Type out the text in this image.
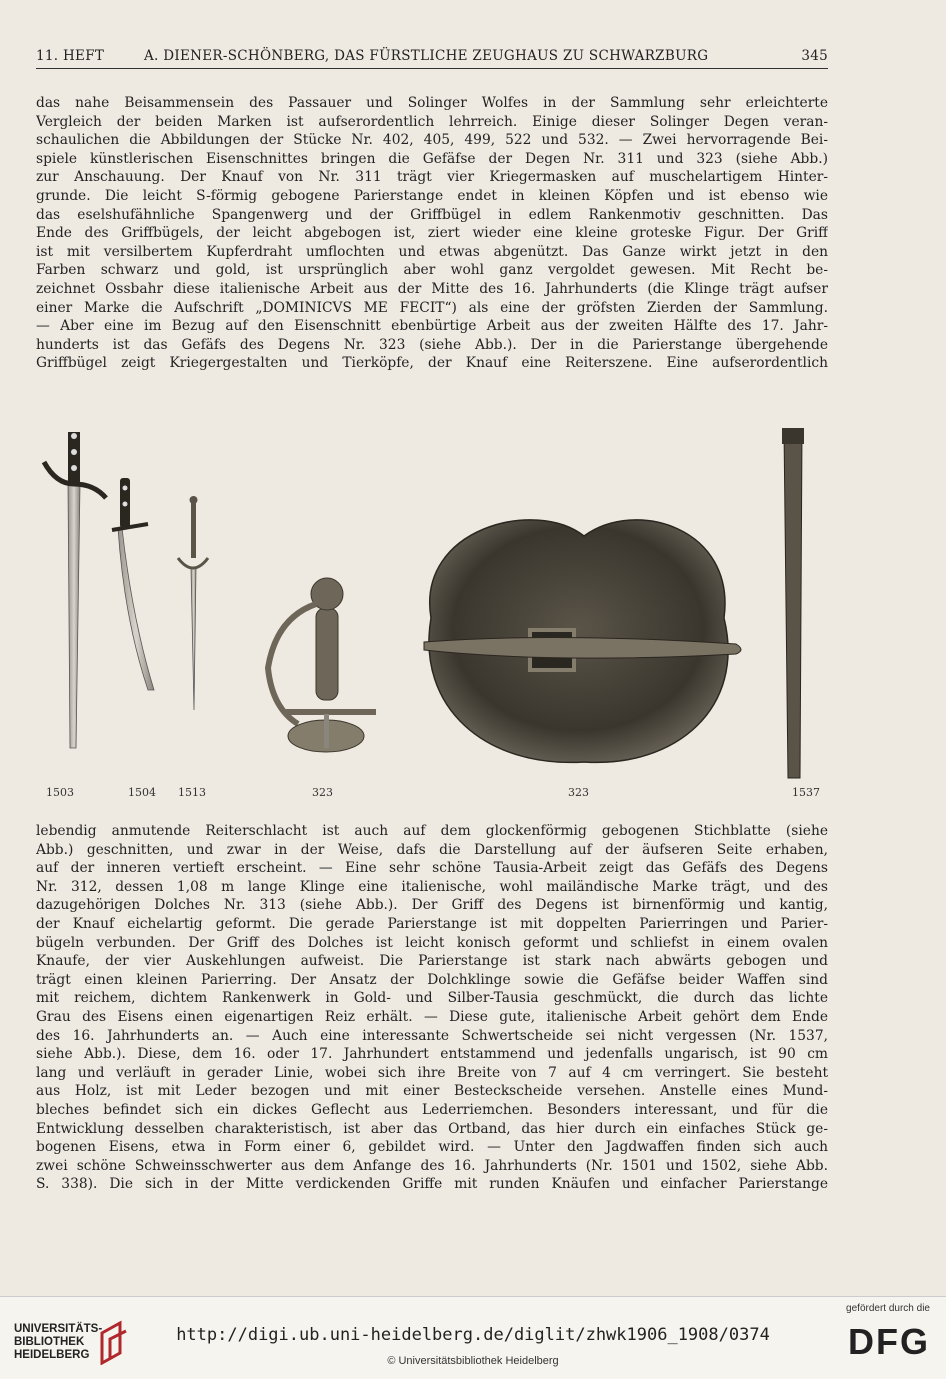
11. HEFT	A. DIENER-SCHÖNBERG, DAS FÜRSTLICHE ZEUGHAUS ZU SCHWARZBURG	345
das nahe Beisammensein des Passauer und Solinger Wolfes in der Sammlung sehr erleichterte
Vergleich der beiden Marken ist aufserordentlich lehrreich. Einige dieser Solinger Degen veran-
schaulichen die Abbildungen der Stücke Nr. 402, 405, 499, 522 und 532. — Zwei hervorragende Bei-
spiele künstlerischen Eisenschnittes bringen die Gefäfse der Degen Nr. 311 und 323 (siehe Abb.)
zur Anschauung. Der Knauf von Nr. 311 trägt vier Kriegermasken auf muschelartigem Hinter-
grunde. Die leicht S-förmig gebogene Parierstange endet in kleinen Köpfen und ist ebenso wie
das eselshufähnliche Spangenwerg und der Griffbügel in edlem Rankenmotiv geschnitten. Das
Ende des Griffbügels, der leicht abgebogen ist, ziert wieder eine kleine groteske Figur. Der Griff
ist mit versilbertem Kupferdraht umflochten und etwas abgenützt. Das Ganze wirkt jetzt in den
Farben schwarz und gold, ist ursprünglich aber wohl ganz vergoldet gewesen. Mit Recht be-
zeichnet Ossbahr diese italienische Arbeit aus der Mitte des 16. Jahrhunderts (die Klinge trägt aufser
einer Marke die Aufschrift „DOMINICVS ME FECIT“) als eine der gröfsten Zierden der Sammlung.
— Aber eine im Bezug auf den Eisenschnitt ebenbürtige Arbeit aus der zweiten Hälfte des 17. Jahr-
hunderts ist das Gefäfs des Degens Nr. 323 (siehe Abb.). Der in die Parierstange übergehende
Griffbügel zeigt Kriegergestalten und Tierköpfe, der Knauf eine Reiterszene. Eine aufserordentlich
1503	1504 1513	323	323	1537
lebendig anmutende Reiterschlacht ist auch auf dem glockenförmig gebogenen Stichblatte (siehe
Abb.) geschnitten, und zwar in der Weise, dafs die Darstellung auf der äufseren Seite erhaben,
auf der inneren vertieft erscheint. — Eine sehr schöne Tausia-Arbeit zeigt das Gefäfs des Degens
Nr. 312, dessen 1,08 m lange Klinge eine italienische, wohl mailändische Marke trägt, und des
dazugehörigen Dolches Nr. 313 (siehe Abb.). Der Griff des Degens ist birnenförmig und kantig,
der Knauf eichelartig geformt. Die gerade Parierstange ist mit doppelten Parierringen und Parier-
bügeln verbunden. Der Griff des Dolches ist leicht konisch geformt und schliefst in einem ovalen
Knaufe, der vier Auskehlungen aufweist. Die Parierstange ist stark nach abwärts gebogen und
trägt einen kleinen Parierring. Der Ansatz der Dolchklinge sowie die Gefäfse beider Waffen sind
mit reichem, dichtem Rankenwerk in Gold- und Silber-Tausia geschmückt, die durch das lichte
Grau des Eisens einen eigenartigen Reiz erhält. — Diese gute, italienische Arbeit gehört dem Ende
des 16. Jahrhunderts an. — Auch eine interessante Schwertscheide sei nicht vergessen (Nr. 1537,
siehe Abb.). Diese, dem 16. oder 17. Jahrhundert entstammend und jedenfalls ungarisch, ist 90 cm
lang und verläuft in gerader Linie, wobei sich ihre Breite von 7 auf 4 cm verringert. Sie besteht
aus Holz, ist mit Leder bezogen und mit einer Besteckscheide versehen. Anstelle eines Mund-
bleches befindet sich ein dickes Geflecht aus Lederriemchen. Besonders interessant, und für die
Entwicklung desselben charakteristisch, ist aber das Ortband, das hier durch ein einfaches Stück ge-
bogenen Eisens, etwa in Form einer 6, gebildet wird. — Unter den Jagdwaffen finden sich auch
zwei schöne Schweinsschwerter aus dem Anfange des 16. Jahrhunderts (Nr. 1501 und 1502, siehe Abb.
S. 338). Die sich in der Mitte verdickenden Griffe mit runden Knäufen und einfacher Parierstange
UNIVERSITÄTS-
BIBLIOTHEK
HEIDELBERG
http://digi.ub.uni-heidelberg.de/diglit/zhwk1906_1908/0374
© Universitätsbibliothek Heidelberg
gefördert durch die
DFG
